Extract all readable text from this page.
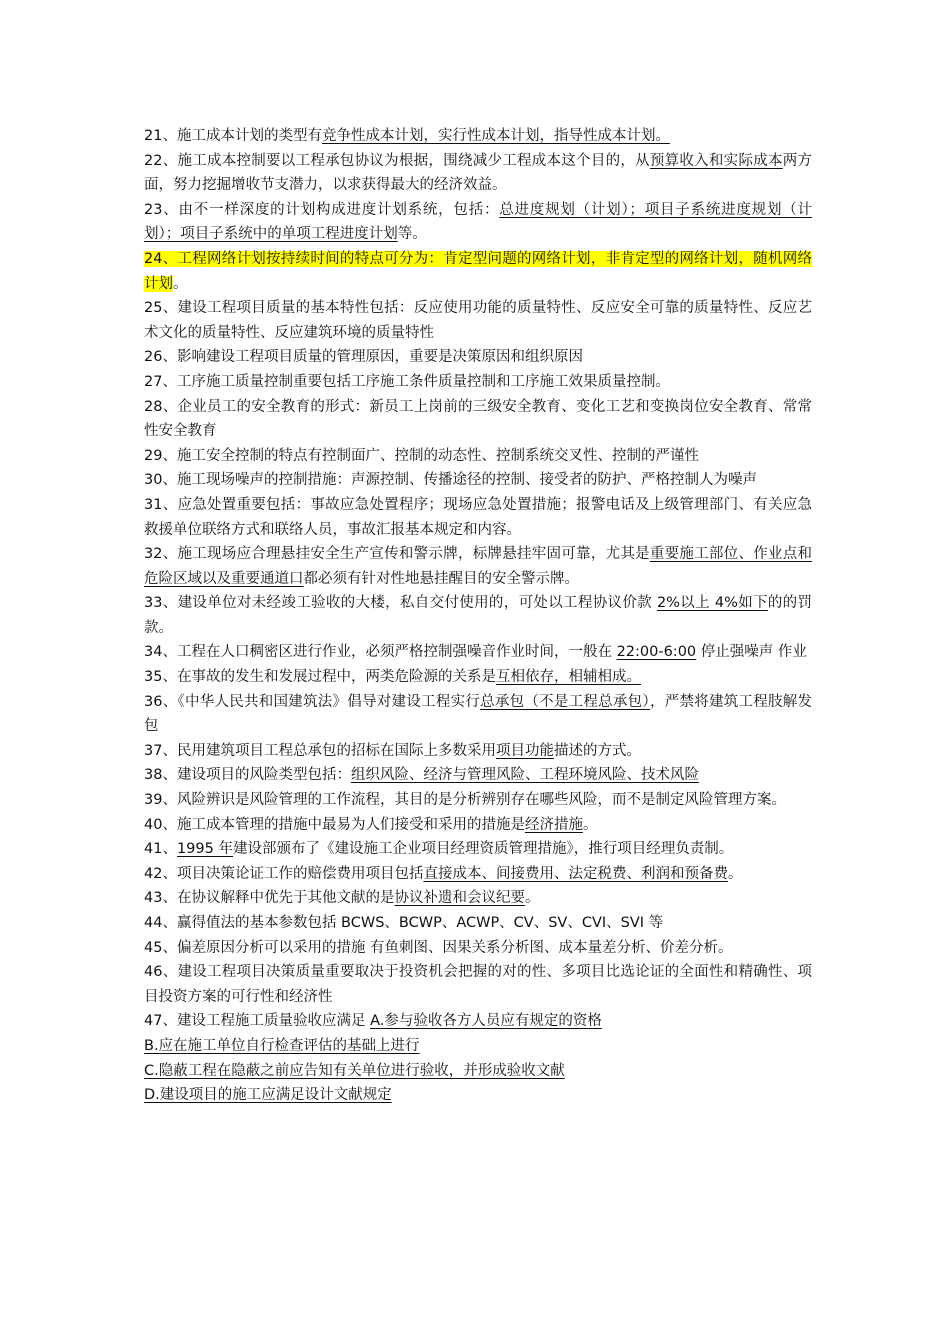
21、施工成本计划的类型有竞争性成本计划，实行性成本计划，指导性成本计划。

22、施工成本控制要以工程承包协议为根据，围绕减少工程成本这个目的，从预算收入和实际成本两方面，努力挖掘增收节支潜力，以求获得最大的经济效益。

23、由不一样深度的计划构成进度计划系统，包括：总进度规划（计划）；项目子系统进度规划（计划）；项目子系统中的单项工程进度计划等。

24、工程网络计划按持续时间的特点可分为：肯定型问题的网络计划，非肯定型的网络计划，随机网络计划。

25、建设工程项目质量的基本特性包括：反应使用功能的质量特性、反应安全可靠的质量特性、反应艺术文化的质量特性、反应建筑环境的质量特性

26、影响建设工程项目质量的管理原因，重要是决策原因和组织原因

27、工序施工质量控制重要包括工序施工条件质量控制和工序施工效果质量控制。

28、企业员工的安全教育的形式：新员工上岗前的三级安全教育、变化工艺和变换岗位安全教育、常常性安全教育

29、施工安全控制的特点有控制面广、控制的动态性、控制系统交叉性、控制的严谨性

30、施工现场噪声的控制措施：声源控制、传播途径的控制、接受者的防护、严格控制人为噪声

31、应急处置重要包括：事故应急处置程序；现场应急处置措施；报警电话及上级管理部门、有关应急救援单位联络方式和联络人员，事故汇报基本规定和内容。

32、施工现场应合理悬挂安全生产宣传和警示牌，标牌悬挂牢固可靠，尤其是重要施工部位、作业点和危险区域以及重要通道口都必须有针对性地悬挂醒目的安全警示牌。

33、建设单位对未经竣工验收的大楼，私自交付使用的，可处以工程协议价款 2%以上 4%如下的的罚款。

34、工程在人口稠密区进行作业，必须严格控制强噪音作业时间，一般在 22:00-6:00 停止强噪声 作业

35、在事故的发生和发展过程中，两类危险源的关系是互相依存，相辅相成。

36、《中华人民共和国建筑法》倡导对建设工程实行总承包（不是工程总承包），严禁将建筑工程肢解发包

37、民用建筑项目工程总承包的招标在国际上多数采用项目功能描述的方式。

38、建设项目的风险类型包括：组织风险、经济与管理风险、工程环境风险、技术风险

39、风险辨识是风险管理的工作流程，其目的是分析辨别存在哪些风险，而不是制定风险管理方案。

40、施工成本管理的措施中最易为人们接受和采用的措施是经济措施。

41、1995 年建设部颁布了《建设施工企业项目经理资质管理措施》，推行项目经理负责制。

42、项目决策论证工作的赔偿费用项目包括直接成本、间接费用、法定税费、利润和预备费。

43、在协议解释中优先于其他文献的是协议补遗和会议纪要。

44、赢得值法的基本参数包括 BCWS、BCWP、ACWP、CV、SV、CVI、SVI 等

45、偏差原因分析可以采用的措施 有鱼刺图、因果关系分析图、成本量差分析、价差分析。

46、建设工程项目决策质量重要取决于投资机会把握的对的性、多项目比选论证的全面性和精确性、项目投资方案的可行性和经济性

47、建设工程施工质量验收应满足 A.参与验收各方人员应有规定的资格

B.应在施工单位自行检查评估的基础上进行

C.隐蔽工程在隐蔽之前应告知有关单位进行验收，并形成验收文献

D.建设项目的施工应满足设计文献规定
